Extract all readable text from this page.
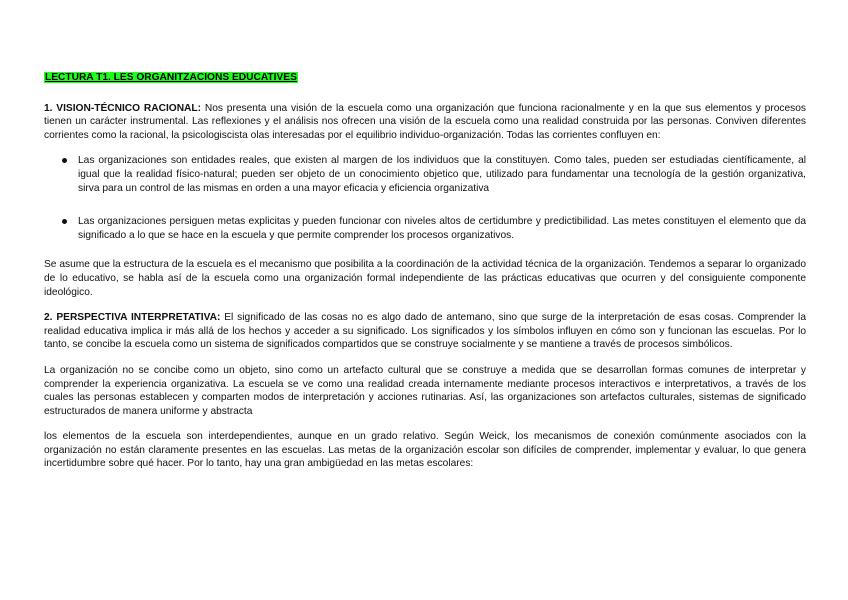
LECTURA T1. LES ORGANITZACIONS EDUCATIVES

1. VISION-TÉCNICO RACIONAL: Nos presenta una visión de la escuela como una organización que funciona racionalmente y en la que sus elementos y procesos tienen un carácter instrumental. Las reflexiones y el análisis nos ofrecen una visión de la escuela como una realidad construida por las personas. Conviven diferentes corrientes como la racional, la psicologiscista olas interesadas por el equilibrio individuo-organización. Todas las corrientes confluyen en:

Las organizaciones son entidades reales, que existen al margen de los individuos que la constituyen. Como tales, pueden ser estudiadas científicamente, al igual que la realidad físico-natural; pueden ser objeto de un conocimiento objetico que, utilizado para fundamentar una tecnología de la gestión organizativa, sirva para un control de las mismas en orden a una mayor eficacia y eficiencia organizativa
Las organizaciones persiguen metas explicitas y pueden funcionar con niveles altos de certidumbre y predictibilidad. Las metes constituyen el elemento que da significado a lo que se hace en la escuela y que permite comprender los procesos organizativos.

Se asume que la estructura de la escuela es el mecanismo que posibilita a la coordinación de la actividad técnica de la organización. Tendemos a separar lo organizado de lo educativo, se habla así de la escuela como una organización formal independiente de las prácticas educativas que ocurren y del consiguiente componente ideológico.

2. PERSPECTIVA INTERPRETATIVA: El significado de las cosas no es algo dado de antemano, sino que surge de la interpretación de esas cosas. Comprender la realidad educativa implica ir más allá de los hechos y acceder a su significado. Los significados y los símbolos influyen en cómo son y funcionan las escuelas. Por lo tanto, se concibe la escuela como un sistema de significados compartidos que se construye socialmente y se mantiene a través de procesos simbólicos.

La organización no se concibe como un objeto, sino como un artefacto cultural que se construye a medida que se desarrollan formas comunes de interpretar y comprender la experiencia organizativa. La escuela se ve como una realidad creada internamente mediante procesos interactivos e interpretativos, a través de los cuales las personas establecen y comparten modos de interpretación y acciones rutinarias. Así, las organizaciones son artefactos culturales, sistemas de significado estructurados de manera uniforme y abstracta

los elementos de la escuela son interdependientes, aunque en un grado relativo. Según Weick, los mecanismos de conexión comúnmente asociados con la organización no están claramente presentes en las escuelas. Las metas de la organización escolar son difíciles de comprender, implementar y evaluar, lo que genera incertidumbre sobre qué hacer. Por lo tanto, hay una gran ambigüedad en las metas escolares:
